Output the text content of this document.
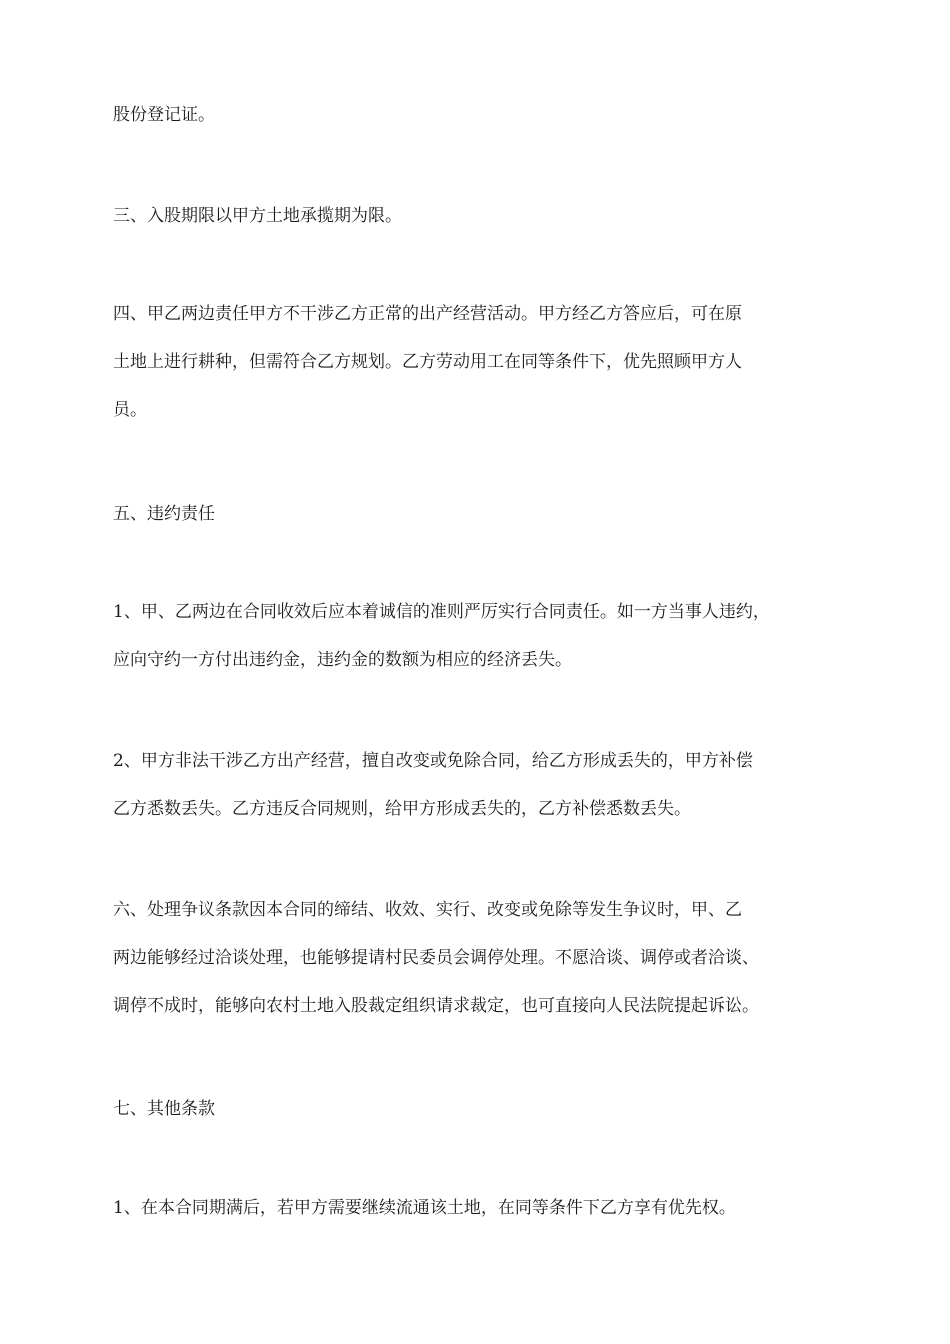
股份登记证。

三、入股期限以甲方土地承揽期为限。

四、甲乙两边责任甲方不干涉乙方正常的出产经营活动。甲方经乙方答应后，可在原
土地上进行耕种，但需符合乙方规划。乙方劳动用工在同等条件下，优先照顾甲方人
员。

五、违约责任

1、甲、乙两边在合同收效后应本着诚信的准则严厉实行合同责任。如一方当事人违约，
应向守约一方付出违约金，违约金的数额为相应的经济丢失。

2、甲方非法干涉乙方出产经营，擅自改变或免除合同，给乙方形成丢失的，甲方补偿
乙方悉数丢失。乙方违反合同规则，给甲方形成丢失的，乙方补偿悉数丢失。

六、处理争议条款因本合同的缔结、收效、实行、改变或免除等发生争议时，甲、乙
两边能够经过洽谈处理，也能够提请村民委员会调停处理。不愿洽谈、调停或者洽谈、
调停不成时，能够向农村土地入股裁定组织请求裁定，也可直接向人民法院提起诉讼。

七、其他条款

1、在本合同期满后，若甲方需要继续流通该土地，在同等条件下乙方享有优先权。
